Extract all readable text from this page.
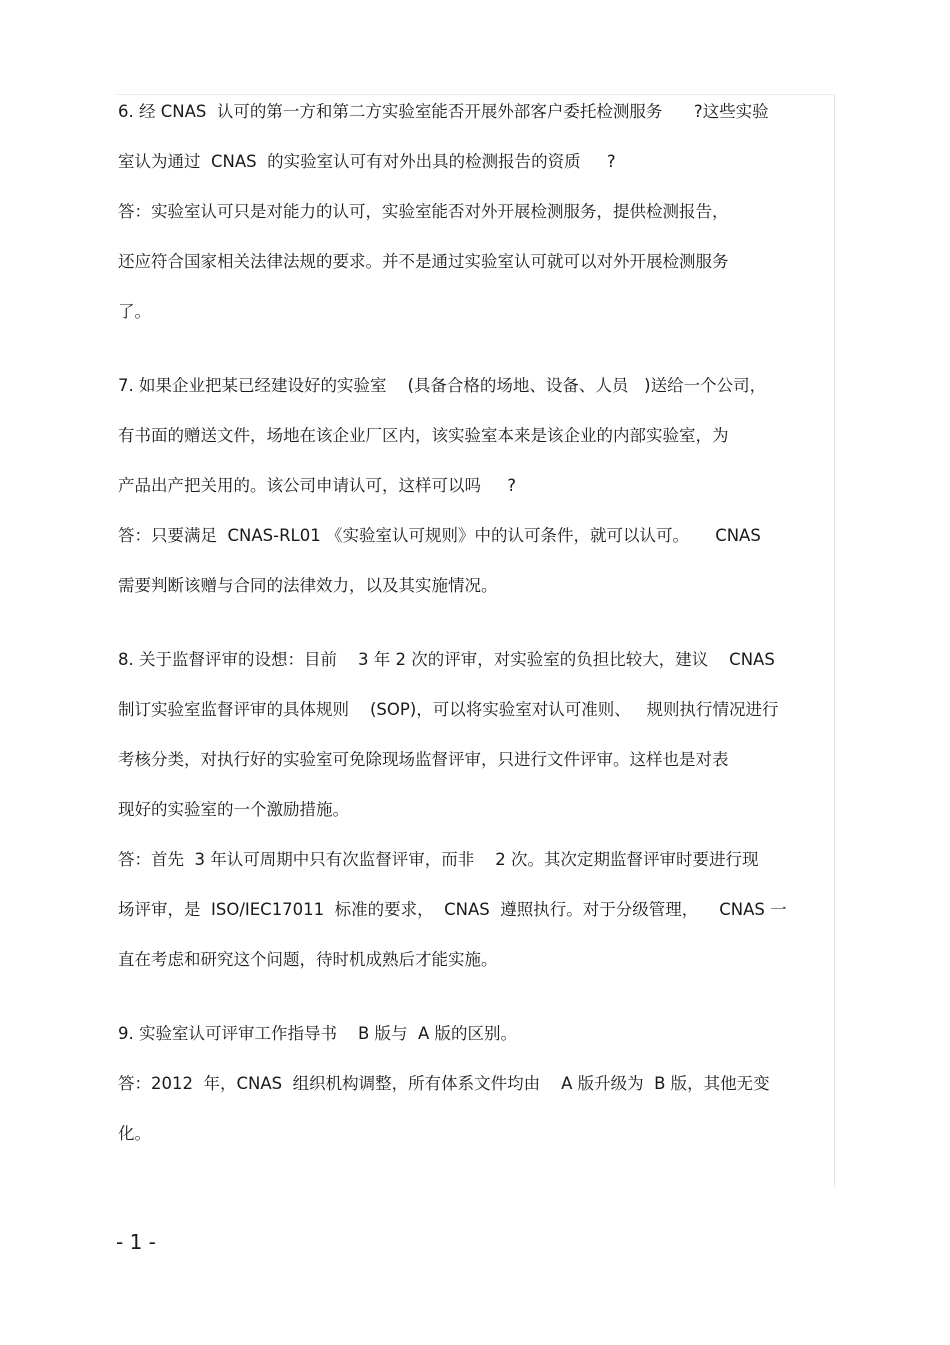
6. 经 CNAS  认可的第一方和第二方实验室能否开展外部客户委托检测服务      ?这些实验

室认为通过  CNAS  的实验室认可有对外出具的检测报告的资质     ?

答：实验室认可只是对能力的认可，实验室能否对外开展检测服务，提供检测报告，

还应符合国家相关法律法规的要求。并不是通过实验室认可就可以对外开展检测服务

了。

7. 如果企业把某已经建设好的实验室    (具备合格的场地、设备、人员   )送给一个公司，

有书面的赠送文件，场地在该企业厂区内，该实验室本来是该企业的内部实验室，为

产品出产把关用的。该公司申请认可，这样可以吗     ?

答：只要满足  CNAS-RL01 《实验室认可规则》中的认可条件，就可以认可。     CNAS

需要判断该赠与合同的法律效力，以及其实施情况。

8. 关于监督评审的设想：目前    3 年 2 次的评审，对实验室的负担比较大，建议    CNAS

制订实验室监督评审的具体规则    (SOP)，可以将实验室对认可准则、   规则执行情况进行

考核分类，对执行好的实验室可免除现场监督评审，只进行文件评审。这样也是对表

现好的实验室的一个激励措施。

答：首先  3 年认可周期中只有次监督评审，而非    2 次。其次定期监督评审时要进行现

场评审，是  ISO/IEC17011  标准的要求，  CNAS  遵照执行。对于分级管理，    CNAS 一

直在考虑和研究这个问题，待时机成熟后才能实施。

9. 实验室认可评审工作指导书    B 版与  A 版的区别。

答：2012  年，CNAS  组织机构调整，所有体系文件均由    A 版升级为  B 版，其他无变

化。

- 1 -
